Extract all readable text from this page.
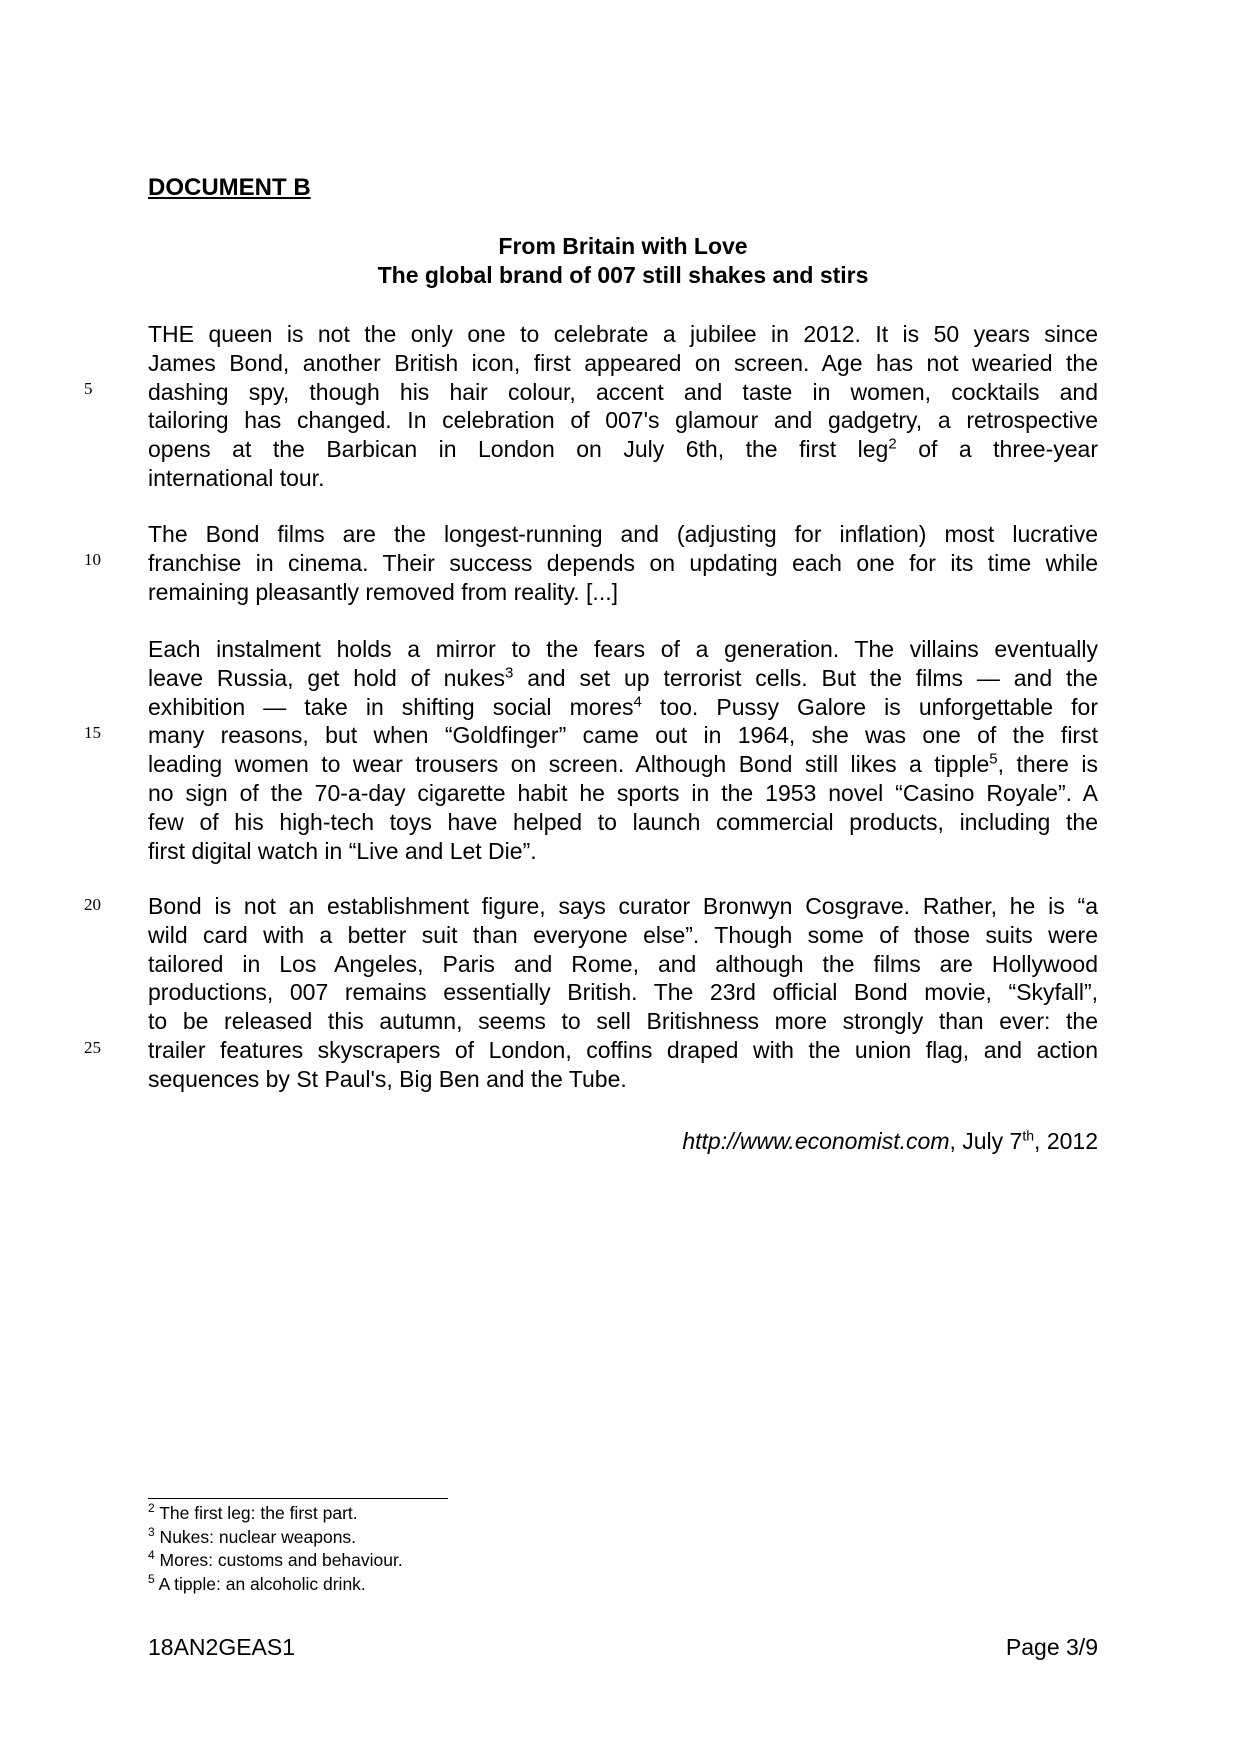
DOCUMENT B
From Britain with Love
The global brand of 007 still shakes and stirs
THE queen is not the only one to celebrate a jubilee in 2012. It is 50 years since
James Bond, another British icon, first appeared on screen. Age has not wearied the
dashing spy, though his hair colour, accent and taste in women, cocktails and
tailoring has changed. In celebration of 007's glamour and gadgetry, a retrospective
opens at the Barbican in London on July 6th, the first leg$^2$ of a three-year
international tour.
The Bond films are the longest-running and (adjusting for inflation) most lucrative
franchise in cinema. Their success depends on updating each one for its time while
remaining pleasantly removed from reality. [...]
Each instalment holds a mirror to the fears of a generation. The villains eventually
leave Russia, get hold of nukes$^3$ and set up terrorist cells. But the films — and the
exhibition — take in shifting social mores$^4$ too. Pussy Galore is unforgettable for
many reasons, but when “Goldfinger” came out in 1964, she was one of the first
leading women to wear trousers on screen. Although Bond still likes a tipple$^5$, there is
no sign of the 70-a-day cigarette habit he sports in the 1953 novel “Casino Royale”. A
few of his high-tech toys have helped to launch commercial products, including the
first digital watch in “Live and Let Die”.
Bond is not an establishment figure, says curator Bronwyn Cosgrave. Rather, he is “a
wild card with a better suit than everyone else”. Though some of those suits were
tailored in Los Angeles, Paris and Rome, and although the films are Hollywood
productions, 007 remains essentially British. The 23rd official Bond movie, “Skyfall”,
to be released this autumn, seems to sell Britishness more strongly than ever: the
trailer features skyscrapers of London, coffins draped with the union flag, and action
sequences by St Paul's, Big Ben and the Tube.
5
10
15
20
25
http://www.economist.com, July 7th, 2012
$^2$ The first leg: the first part.
$^3$ Nukes: nuclear weapons.
$^4$ Mores: customs and behaviour.
$^5$ A tipple: an alcoholic drink.
18AN2GEAS1	Page 3/9
